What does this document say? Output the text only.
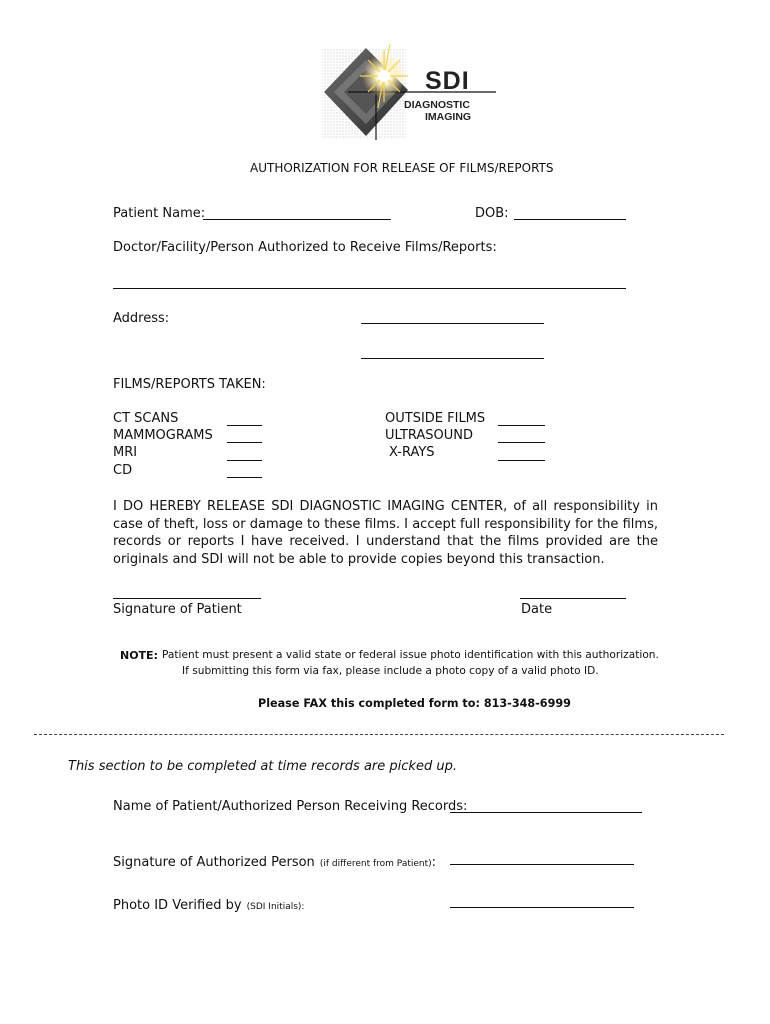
SDI
DIAGNOSTIC
IMAGING
AUTHORIZATION FOR RELEASE OF FILMS/REPORTS
Patient Name:	DOB:
Doctor/Facility/Person Authorized to Receive Films/Reports:
Address:
FILMS/REPORTS TAKEN:
CT SCANS
MAMMOGRAMS
MRI
CD
OUTSIDE FILMS
ULTRASOUND
X-RAYS
I DO HEREBY RELEASE SDI DIAGNOSTIC IMAGING CENTER, of all responsibility in case of theft, loss or damage to these films. I accept full responsibility for the films, records or reports I have received. I understand that the films provided are the originals and SDI will not be able to provide copies beyond this transaction.
Signature of Patient	Date
NOTE: Patient must present a valid state or federal issue photo identification with this authorization.
If submitting this form via fax, please include a photo copy of a valid photo ID.
Please FAX this completed form to: 813-348-6999
This section to be completed at time records are picked up.
Name of Patient/Authorized Person Receiving Records:
Signature of Authorized Person (if different from Patient):
Photo ID Verified by (SDI Initials):
